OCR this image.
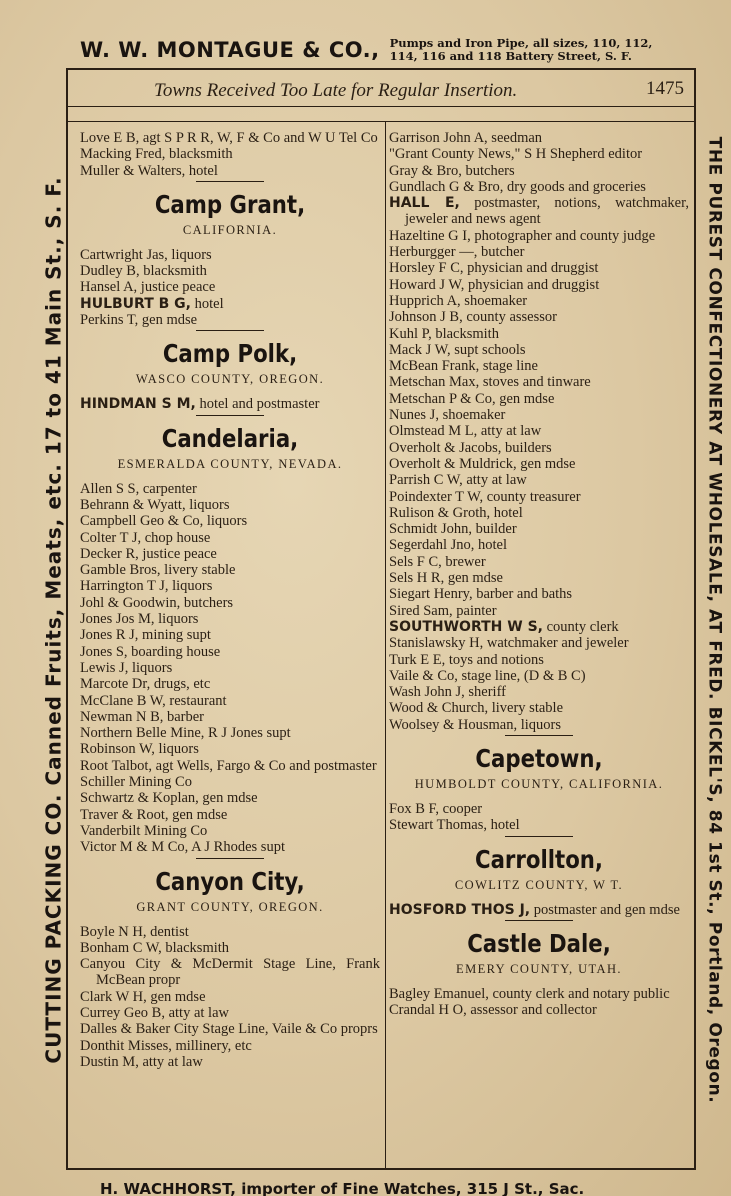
W. W. MONTAGUE & CO., Pumps and Iron Pipe, all sizes, 110, 112,
114, 116 and 118 Battery Street, S. F.
CUTTING PACKING CO. Canned Fruits, Meats, etc. 17 to 41 Main St., S. F.	THE PUREST CONFECTIONERY AT WHOLESALE, AT FRED. BICKEL'S, 84 1st St., Portland, Oregon.
Towns Received Too Late for Regular Insertion.	1475

Love E B, agt S P R R, W, F & Co and W U Tel Co

Macking Fred, blacksmith

Muller & Walters, hotel

Camp Grant,
CALIFORNIA.

Cartwright Jas, liquors

Dudley B, blacksmith

Hansel A, justice peace

HULBURT B G, hotel

Perkins T, gen mdse

Camp Polk,
WASCO COUNTY, OREGON.

HINDMAN S M, hotel and postmaster

Candelaria,
ESMERALDA COUNTY, NEVADA.

Allen S S, carpenter

Behrann & Wyatt, liquors

Campbell Geo & Co, liquors

Colter T J, chop house

Decker R, justice peace

Gamble Bros, livery stable

Harrington T J, liquors

Johl & Goodwin, butchers

Jones Jos M, liquors

Jones R J, mining supt

Jones S, boarding house

Lewis J, liquors

Marcote Dr, drugs, etc

McClane B W, restaurant

Newman N B, barber

Northern Belle Mine, R J Jones supt

Robinson W, liquors

Root Talbot, agt Wells, Fargo & Co and postmaster

Schiller Mining Co

Schwartz & Koplan, gen mdse

Traver & Root, gen mdse

Vanderbilt Mining Co

Victor M & M Co, A J Rhodes supt

Canyon City,
GRANT COUNTY, OREGON.

Boyle N H, dentist

Bonham C W, blacksmith

Canyou City & McDermit Stage Line, Frank McBean propr

Clark W H, gen mdse

Currey Geo B, atty at law

Dalles & Baker City Stage Line, Vaile & Co proprs

Donthit Misses, millinery, etc

Dustin M, atty at law

Garrison John A, seedman

"Grant County News," S H Shepherd editor

Gray & Bro, butchers

Gundlach G & Bro, dry goods and groceries

HALL E, postmaster, notions, watchmaker, jeweler and news agent

Hazeltine G I, photographer and county judge

Herburgger —, butcher

Horsley F C, physician and druggist

Howard J W, physician and druggist

Hupprich A, shoemaker

Johnson J B, county assessor

Kuhl P, blacksmith

Mack J W, supt schools

McBean Frank, stage line

Metschan Max, stoves and tinware

Metschan P & Co, gen mdse

Nunes J, shoemaker

Olmstead M L, atty at law

Overholt & Jacobs, builders

Overholt & Muldrick, gen mdse

Parrish C W, atty at law

Poindexter T W, county treasurer

Rulison & Groth, hotel

Schmidt John, builder

Segerdahl Jno, hotel

Sels F C, brewer

Sels H R, gen mdse

Siegart Henry, barber and baths

Sired Sam, painter

SOUTHWORTH W S, county clerk

Stanislawsky H, watchmaker and jeweler

Turk E E, toys and notions

Vaile & Co, stage line, (D & B C)

Wash John J, sheriff

Wood & Church, livery stable

Woolsey & Housman, liquors

Capetown,
HUMBOLDT COUNTY, CALIFORNIA.

Fox B F, cooper

Stewart Thomas, hotel

Carrollton,
COWLITZ COUNTY, W T.

HOSFORD THOS J, postmaster and gen mdse

Castle Dale,
EMERY COUNTY, UTAH.

Bagley Emanuel, county clerk and notary public

Crandal H O, assessor and collector

H. WACHHORST, importer of Fine Watches, 315 J St., Sac.
